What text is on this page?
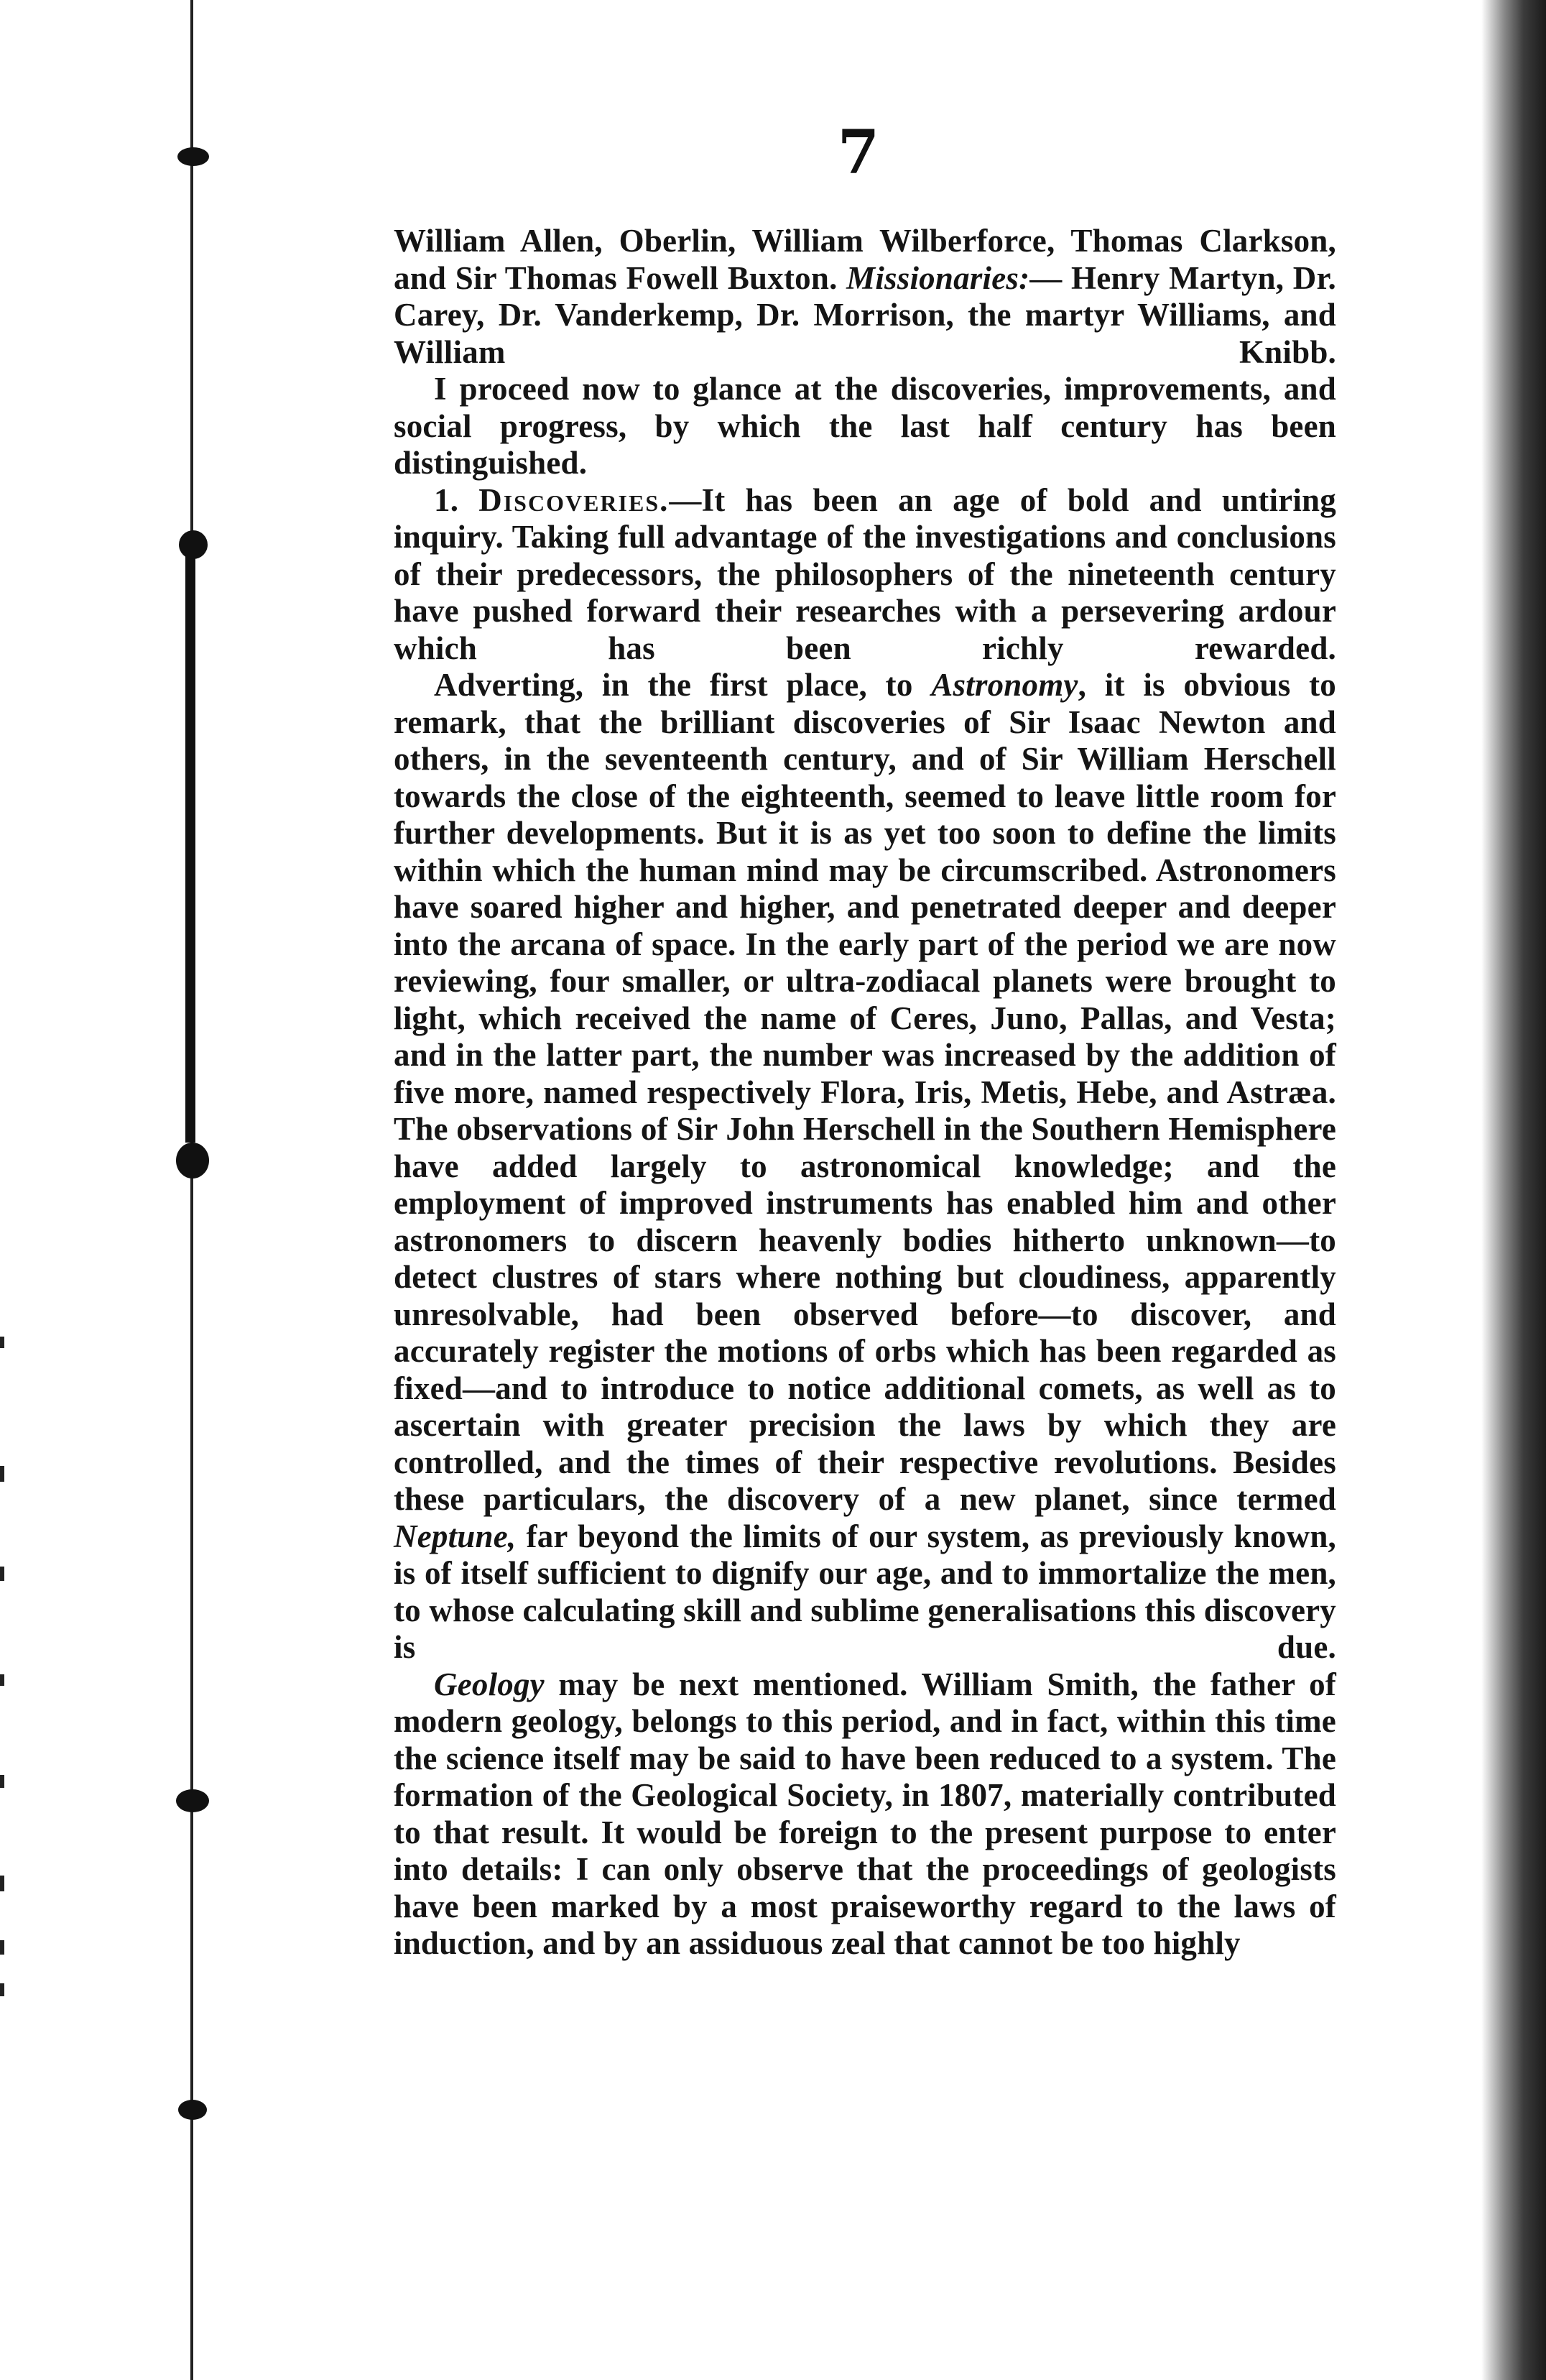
7

William Allen, Oberlin, William Wilberforce, Thomas Clarkson, and Sir Thomas Fowell Buxton. Missionaries:— Henry Martyn, Dr. Carey, Dr. Vanderkemp, Dr. Morrison, the martyr Williams, and William Knibb.

I proceed now to glance at the discoveries, improvements, and social progress, by which the last half century has been distinguished.

1. Discoveries.—It has been an age of bold and untiring inquiry. Taking full advantage of the investigations and conclusions of their predecessors, the philosophers of the nineteenth century have pushed forward their researches with a persevering ardour which has been richly rewarded.

Adverting, in the first place, to Astronomy, it is obvious to remark, that the brilliant discoveries of Sir Isaac Newton and others, in the seventeenth century, and of Sir William Herschell towards the close of the eighteenth, seemed to leave little room for further developments. But it is as yet too soon to define the limits within which the human mind may be circumscribed. Astronomers have soared higher and higher, and penetrated deeper and deeper into the arcana of space. In the early part of the period we are now reviewing, four smaller, or ultra-zodiacal planets were brought to light, which received the name of Ceres, Juno, Pallas, and Vesta; and in the latter part, the number was increased by the addition of five more, named respectively Flora, Iris, Metis, Hebe, and Astræa. The observations of Sir John Herschell in the Southern Hemisphere have added largely to astronomical knowledge; and the employment of improved instruments has enabled him and other astronomers to discern heavenly bodies hitherto unknown—to detect clustres of stars where nothing but cloudiness, apparently unresolvable, had been observed before—to discover, and accurately register the motions of orbs which has been regarded as fixed—and to introduce to notice additional comets, as well as to ascertain with greater precision the laws by which they are controlled, and the times of their respective revolutions. Besides these particulars, the discovery of a new planet, since termed Neptune, far beyond the limits of our system, as previously known, is of itself sufficient to dignify our age, and to immortalize the men, to whose calculating skill and sublime generalisations this discovery is due.

Geology may be next mentioned. William Smith, the father of modern geology, belongs to this period, and in fact, within this time the science itself may be said to have been reduced to a system. The formation of the Geological Society, in 1807, materially contributed to that result. It would be foreign to the present purpose to enter into details: I can only observe that the proceedings of geologists have been marked by a most praiseworthy regard to the laws of induction, and by an assiduous zeal that cannot be too highly
